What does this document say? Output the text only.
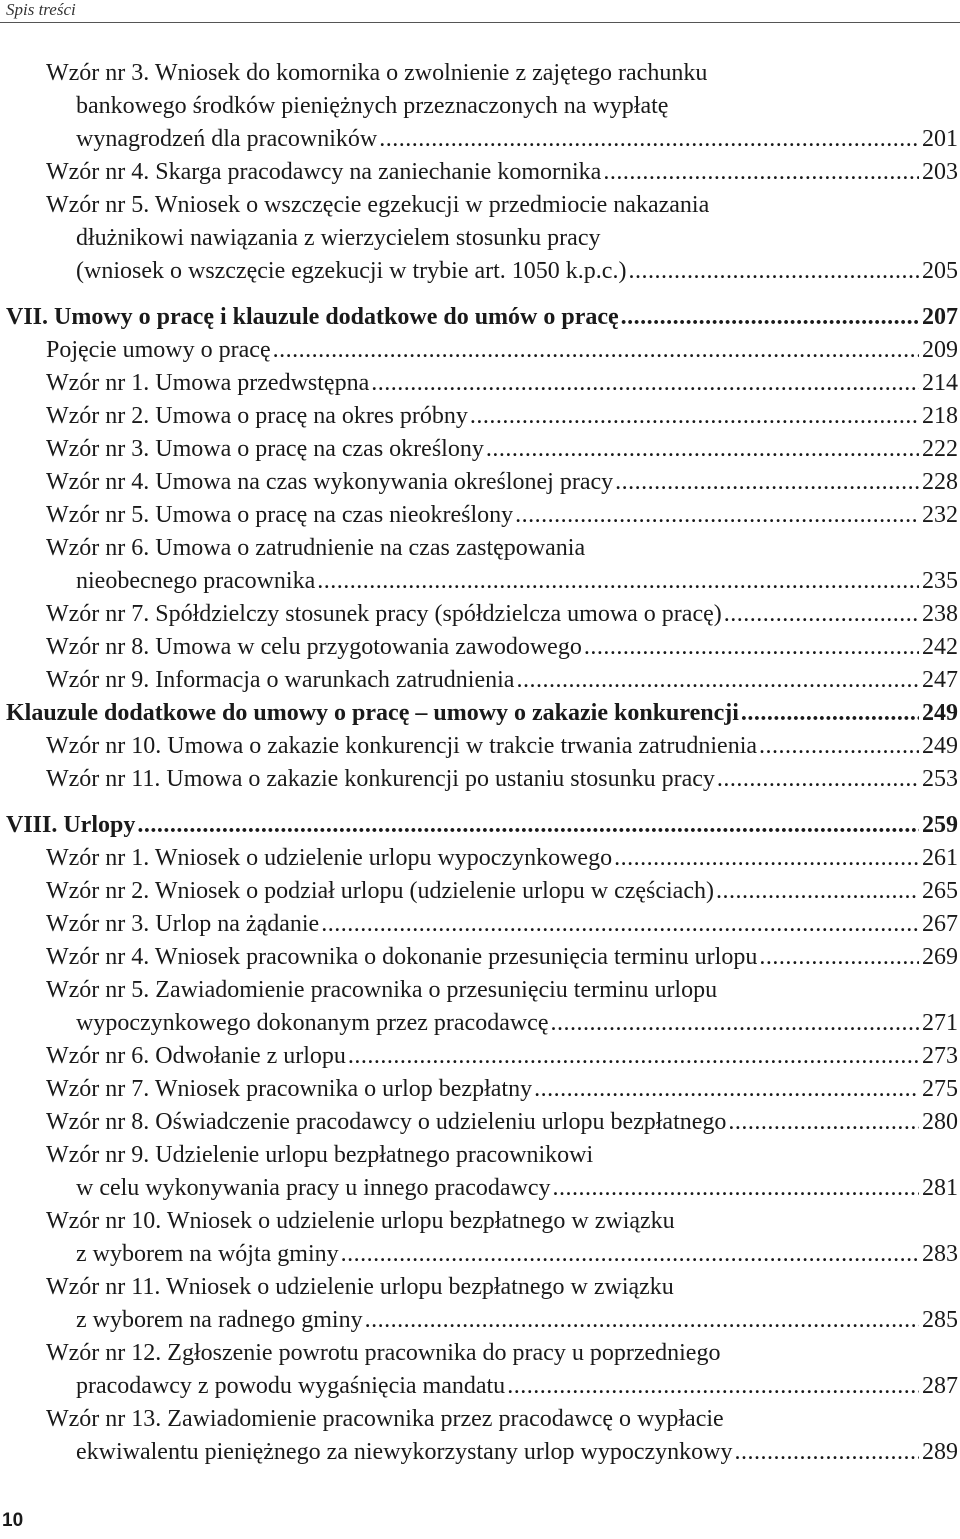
Spis treści
Wzór nr 3. Wniosek do komornika o zwolnienie z zajętego rachunku
bankowego środków pieniężnych przeznaczonych na wypłatę
wynagrodzeń dla pracowników .....	201
Wzór nr 4. Skarga pracodawcy na zaniechanie komornika .....	203
Wzór nr 5. Wniosek o wszczęcie egzekucji w przedmiocie nakazania
dłużnikowi nawiązania z wierzycielem stosunku pracy
(wniosek o wszczęcie egzekucji w trybie art. 1050 k.p.c.) .....	205
VII. Umowy o pracę i klauzule dodatkowe do umów o pracę .....	207
Pojęcie umowy o pracę .....	209
Wzór nr 1. Umowa przedwstępna .....	214
Wzór nr 2. Umowa o pracę na okres próbny .....	218
Wzór nr 3. Umowa o pracę na czas określony .....	222
Wzór nr 4. Umowa na czas wykonywania określonej pracy .....	228
Wzór nr 5. Umowa o pracę na czas nieokreślony .....	232
Wzór nr 6. Umowa o zatrudnienie na czas zastępowania
nieobecnego pracownika .....	235
Wzór nr 7. Spółdzielczy stosunek pracy (spółdzielcza umowa o pracę) .....	238
Wzór nr 8. Umowa w celu przygotowania zawodowego .....	242
Wzór nr 9. Informacja o warunkach zatrudnienia .....	247
Klauzule dodatkowe do umowy o pracę – umowy o zakazie konkurencji .....	249
Wzór nr 10. Umowa o zakazie konkurencji w trakcie trwania zatrudnienia .....	249
Wzór nr 11. Umowa o zakazie konkurencji po ustaniu stosunku pracy .....	253
VIII. Urlopy .....	259
Wzór nr 1. Wniosek o udzielenie urlopu wypoczynkowego .....	261
Wzór nr 2. Wniosek o podział urlopu (udzielenie urlopu w częściach) .....	265
Wzór nr 3. Urlop na żądanie .....	267
Wzór nr 4. Wniosek pracownika o dokonanie przesunięcia terminu urlopu .....	269
Wzór nr 5. Zawiadomienie pracownika o przesunięciu terminu urlopu
wypoczynkowego dokonanym przez pracodawcę .....	271
Wzór nr 6. Odwołanie z urlopu .....	273
Wzór nr 7. Wniosek pracownika o urlop bezpłatny .....	275
Wzór nr 8. Oświadczenie pracodawcy o udzieleniu urlopu bezpłatnego .....	280
Wzór nr 9. Udzielenie urlopu bezpłatnego pracownikowi
w celu wykonywania pracy u innego pracodawcy .....	281
Wzór nr 10. Wniosek o udzielenie urlopu bezpłatnego w związku
z wyborem na wójta gminy .....	283
Wzór nr 11. Wniosek o udzielenie urlopu bezpłatnego w związku
z wyborem na radnego gminy .....	285
Wzór nr 12. Zgłoszenie powrotu pracownika do pracy u poprzedniego
pracodawcy z powodu wygaśnięcia mandatu .....	287
Wzór nr 13. Zawiadomienie pracownika przez pracodawcę o wypłacie
ekwiwalentu pieniężnego za niewykorzystany urlop wypoczynkowy .....	289
10
